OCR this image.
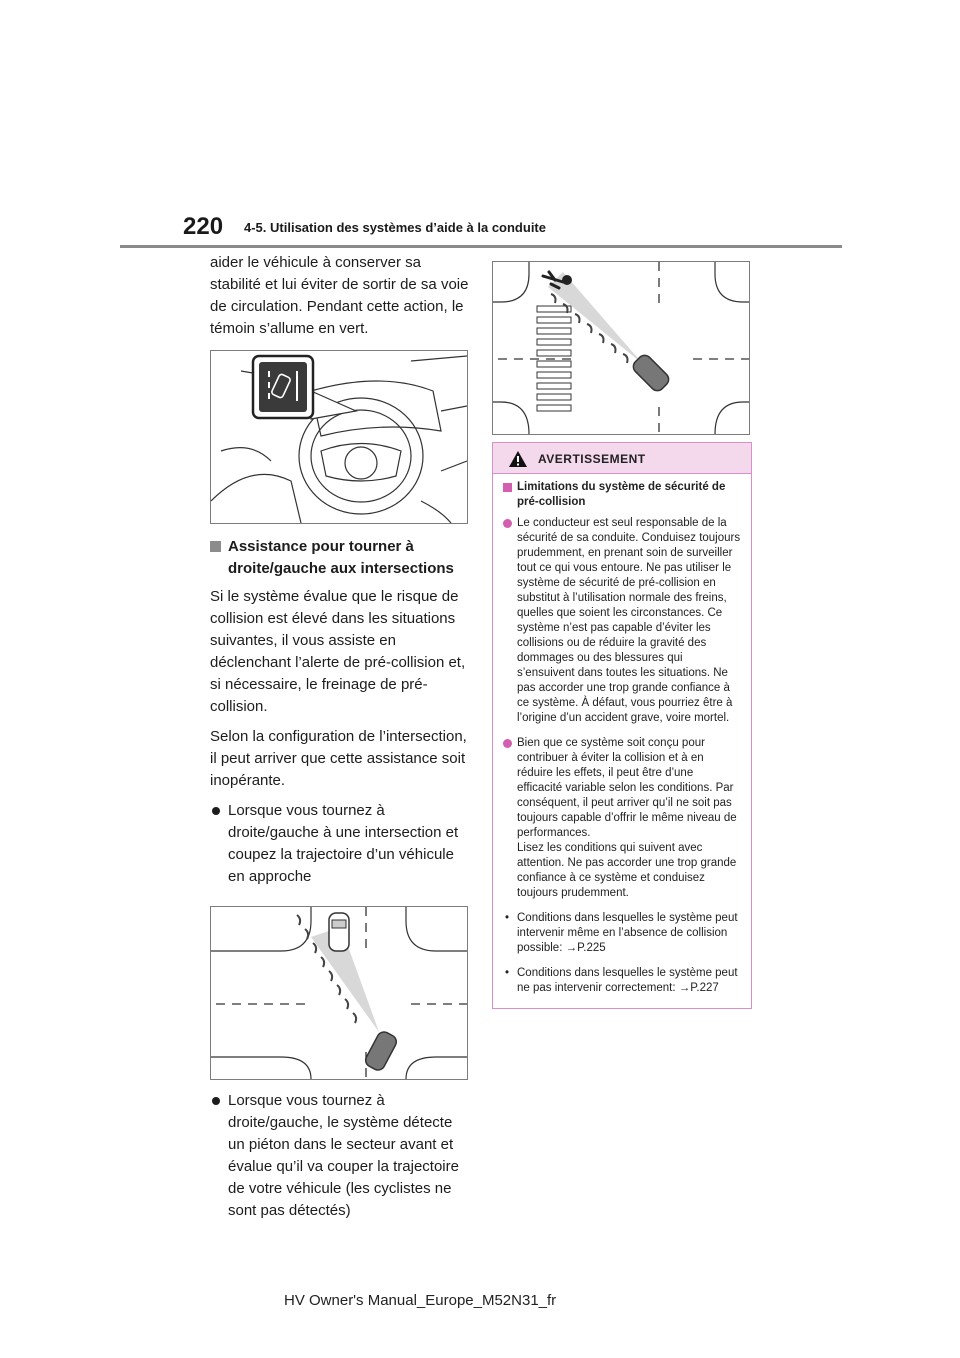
220 4-5. Utilisation des systèmes d’aide à la conduite

aider le véhicule à conserver sa stabilité et lui éviter de sortir de sa voie de circulation. Pendant cette action, le témoin s’allume en vert.

Assistance pour tourner à droite/gauche aux intersections

Si le système évalue que le risque de collision est élevé dans les situations suivantes, il vous assiste en déclenchant l’alerte de pré-collision et, si nécessaire, le freinage de pré-collision.

Selon la configuration de l’intersection, il peut arriver que cette assistance soit inopérante.

Lorsque vous tournez à droite/gauche à une intersection et coupez la trajectoire d’un véhicule en approche
Lorsque vous tournez à droite/gauche, le système détecte un piéton dans le secteur avant et évalue qu’il va couper la trajectoire de votre véhicule (les cyclistes ne sont pas détectés)
AVERTISSEMENT
Limitations du système de sécurité de pré-collision
Le conducteur est seul responsable de la sécurité de sa conduite. Conduisez toujours prudemment, en prenant soin de surveiller tout ce qui vous entoure. Ne pas utiliser le système de sécurité de pré-collision en substitut à l’utilisation normale des freins, quelles que soient les circonstances. Ce système n’est pas capable d’éviter les collisions ou de réduire la gravité des dommages ou des blessures qui s’ensuivent dans toutes les situations. Ne pas accorder une trop grande confiance à ce système. À défaut, vous pourriez être à l’origine d’un accident grave, voire mortel.
Bien que ce système soit conçu pour contribuer à éviter la collision et à en réduire les effets, il peut être d’une efficacité variable selon les conditions. Par conséquent, il peut arriver qu’il ne soit pas toujours capable d’offrir le même niveau de performances.
Lisez les conditions qui suivent avec attention. Ne pas accorder une trop grande confiance à ce système et conduisez toujours prudemment.
• Conditions dans lesquelles le système peut intervenir même en l’absence de collision possible: →P.225
• Conditions dans lesquelles le système peut ne pas intervenir correctement: →P.227
HV Owner's Manual_Europe_M52N31_fr
